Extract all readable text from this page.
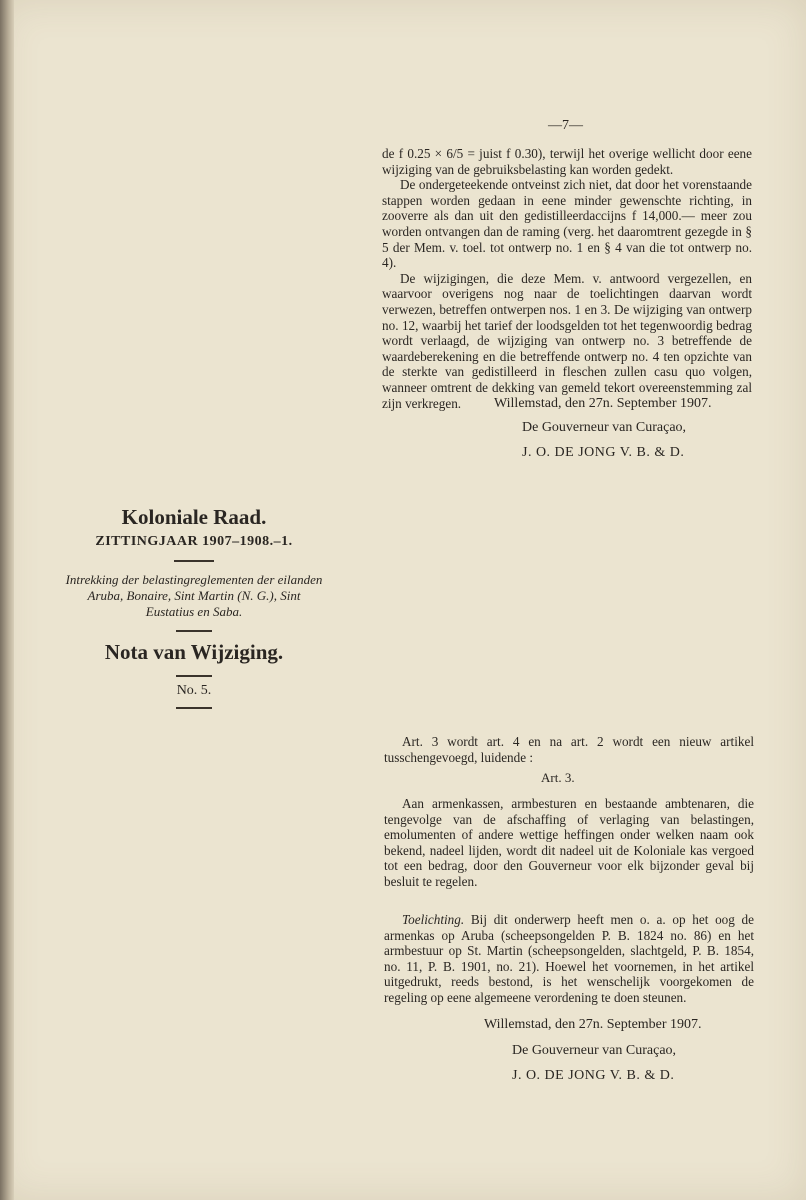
—7—

de f 0.25 × 6/5 = juist f 0.30), terwijl het overige wellicht door eene wijziging van de gebruiksbelasting kan worden gedekt.

De ondergeteekende ontveinst zich niet, dat door het vorenstaande stappen worden gedaan in eene minder gewenschte richting, in zooverre als dan uit den gedistilleerdaccijns f 14,000.— meer zou worden ontvangen dan de raming (verg. het daaromtrent gezegde in § 5 der Mem. v. toel. tot ontwerp no. 1 en § 4 van die tot ontwerp no. 4).

De wijzigingen, die deze Mem. v. antwoord vergezellen, en waarvoor overigens nog naar de toelichtingen daarvan wordt verwezen, betreffen ontwerpen nos. 1 en 3. De wijziging van ontwerp no. 12, waarbij het tarief der loodsgelden tot het tegenwoordig bedrag wordt verlaagd, de wijziging van ontwerp no. 3 betreffende de waardeberekening en die betreffende ontwerp no. 4 ten opzichte van de sterkte van gedistilleerd in fleschen zullen casu quo volgen, wanneer omtrent de dekking van gemeld tekort overeenstemming zal zijn verkregen.	Willemstad, den 27n. September 1907.
De Gouverneur van Curaçao,
J. O. DE JONG V. B. & D.
Koloniale Raad.
ZITTINGJAAR 1907–1908.–1.
Intrekking der belastingreglementen der eilanden Aruba, Bonaire, Sint Martin (N. G.), Sint Eustatius en Saba.
Nota van Wijziging.
No. 5.
Art. 3 wordt art. 4 en na art. 2 wordt een nieuw artikel tusschengevoegd, luidende :
Art. 3.
Aan armenkassen, armbesturen en bestaande ambtenaren, die tengevolge van de afschaffing of verlaging van belastingen, emolumenten of andere wettige heffingen onder welken naam ook bekend, nadeel lijden, wordt dit nadeel uit de Koloniale kas vergoed tot een bedrag, door den Gouverneur voor elk bijzonder geval bij besluit te regelen.
Toelichting. Bij dit onderwerp heeft men o. a. op het oog de armenkas op Aruba (scheepsongelden P. B. 1824 no. 86) en het armbestuur op St. Martin (scheepsongelden, slachtgeld, P. B. 1854, no. 11, P. B. 1901, no. 21). Hoewel het voornemen, in het artikel uitgedrukt, reeds bestond, is het wenschelijk voorgekomen de regeling op eene algemeene verordening te doen steunen.
Willemstad, den 27n. September 1907.
De Gouverneur van Curaçao,
J. O. DE JONG V. B. & D.
